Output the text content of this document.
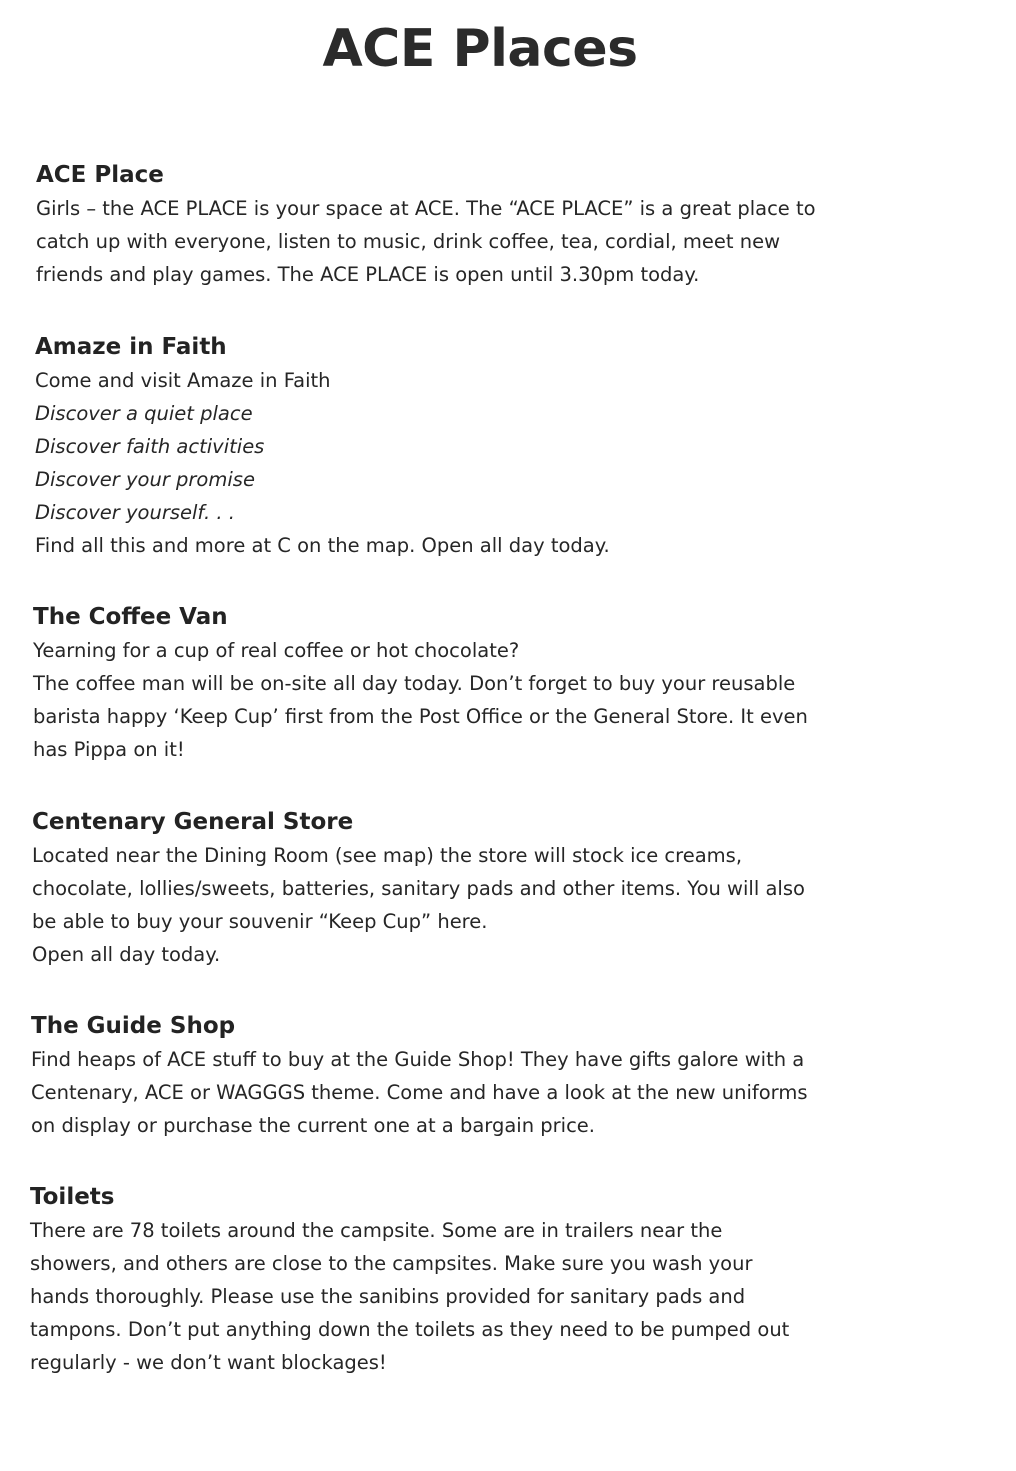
ACE Places
ACE Place

Girls – the ACE PLACE is your space at ACE. The “ACE PLACE” is a great place to

catch up with everyone, listen to music, drink coffee, tea, cordial, meet new

friends and play games. The ACE PLACE is open until 3.30pm today.

Amaze in Faith

Come and visit Amaze in Faith

Discover a quiet place

Discover faith activities

Discover your promise

Discover yourself. . .

Find all this and more at C on the map. Open all day today.

The Coffee Van

Yearning for a cup of real coffee or hot chocolate?

The coffee man will be on-site all day today. Don’t forget to buy your reusable

barista happy ‘Keep Cup’ first from the Post Office or the General Store. It even

has Pippa on it!

Centenary General Store

Located near the Dining Room (see map) the store will stock ice creams,

chocolate, lollies/sweets, batteries, sanitary pads and other items. You will also

be able to buy your souvenir “Keep Cup” here.

Open all day today.

The Guide Shop

Find heaps of ACE stuff to buy at the Guide Shop! They have gifts galore with a

Centenary, ACE or WAGGGS theme. Come and have a look at the new uniforms

on display or purchase the current one at a bargain price.

Toilets

There are 78 toilets around the campsite. Some are in trailers near the

showers, and others are close to the campsites. Make sure you wash your

hands thoroughly. Please use the sanibins provided for sanitary pads and

tampons. Don’t put anything down the toilets as they need to be pumped out

regularly - we don’t want blockages!
